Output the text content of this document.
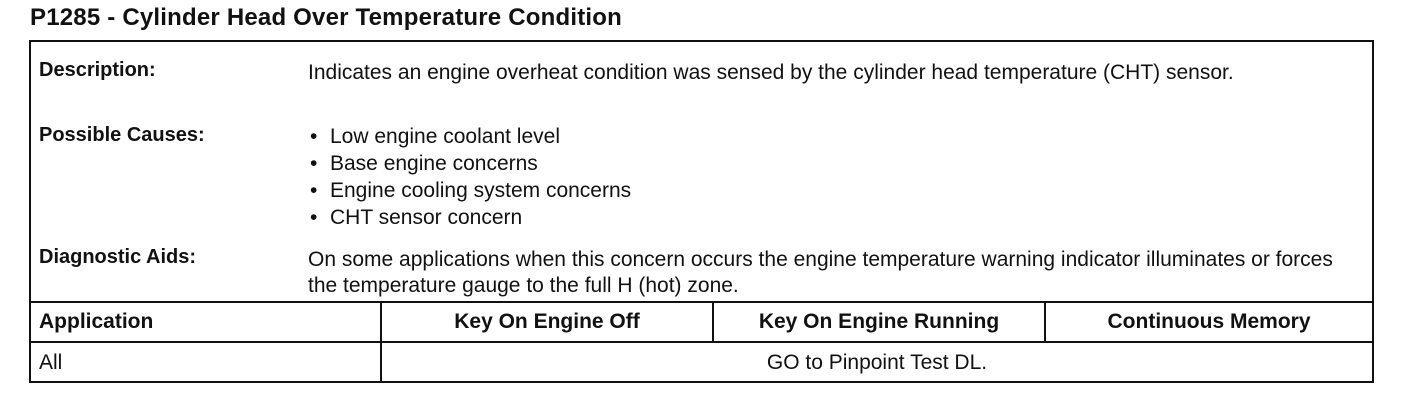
P1285 - Cylinder Head Over Temperature Condition
Description:	Indicates an engine overheat condition was sensed by the cylinder head temperature (CHT) sensor.
Possible Causes:	• Low engine coolant level
• Base engine concerns
• Engine cooling system concerns
• CHT sensor concern
Diagnostic Aids:	On some applications when this concern occurs the engine temperature warning indicator illuminates or forces the temperature gauge to the full H (hot) zone.
Application	Key On Engine Off	Key On Engine Running	Continuous Memory
All	GO to Pinpoint Test DL.
